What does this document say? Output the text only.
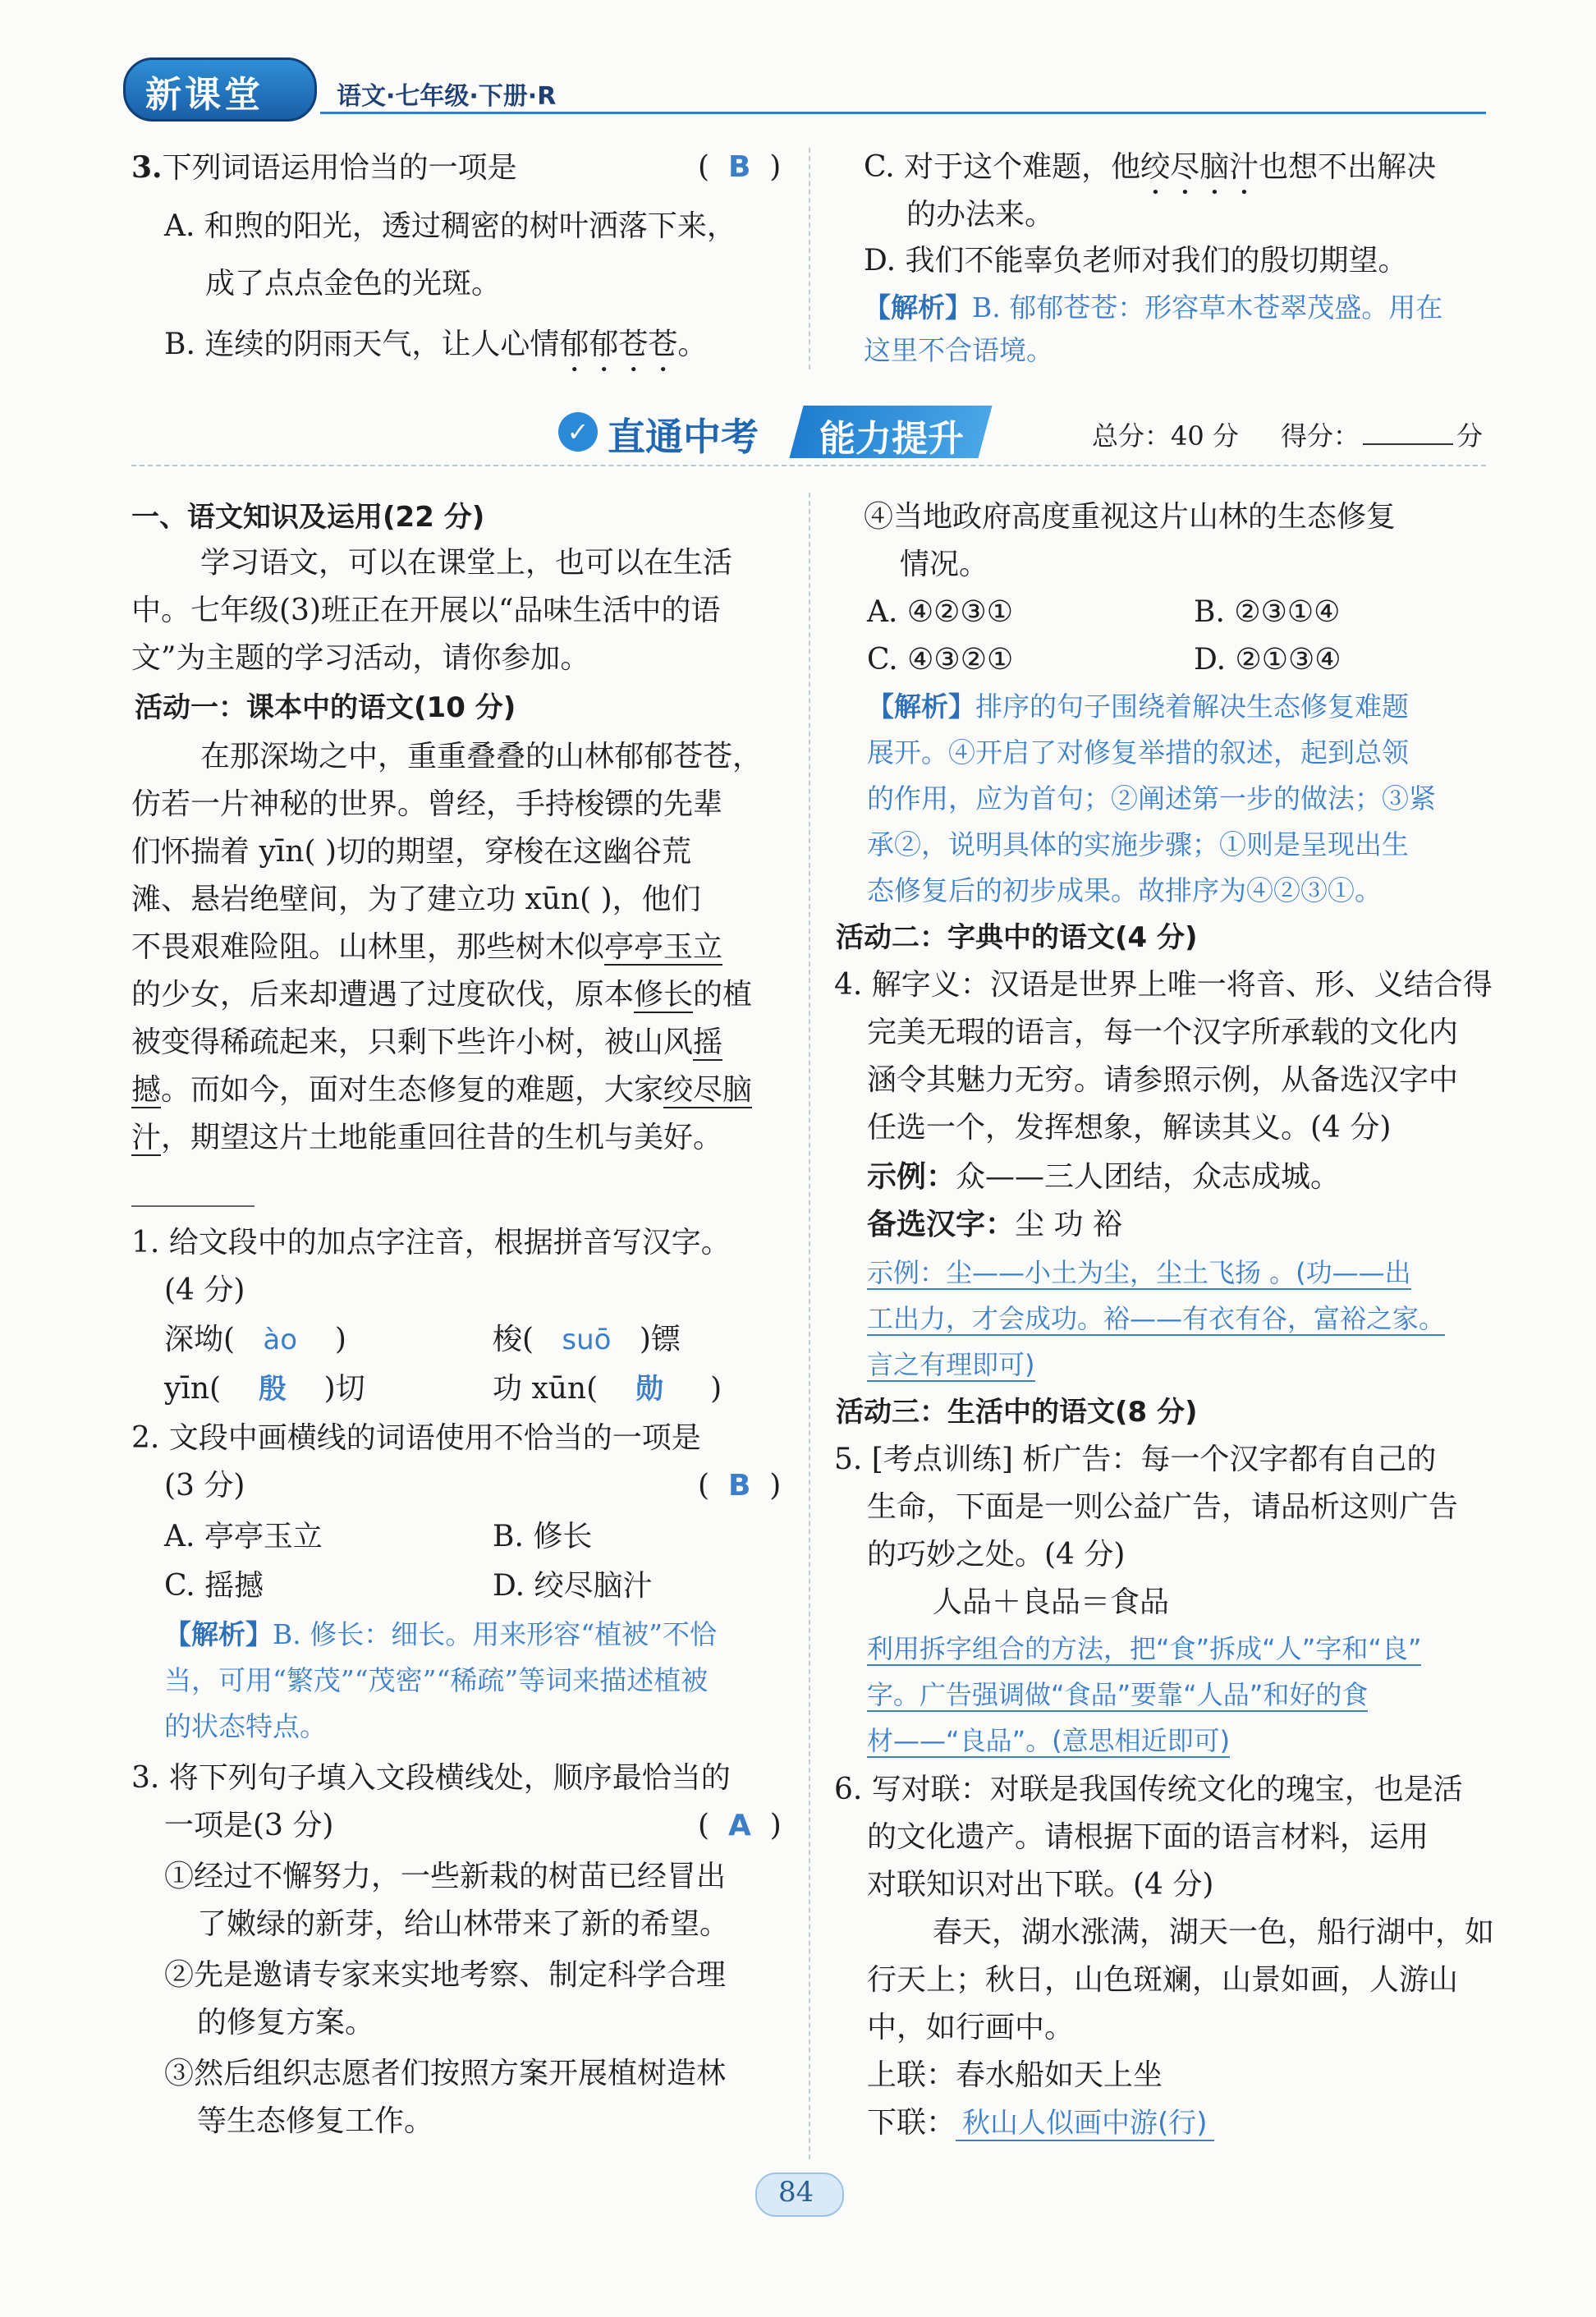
新课堂	语文·七年级·下册·R
3.下列词语运用恰当的一项是	(  B  )
A. 和煦的阳光，透过稠密的树叶洒落下来，
成了点点金色的光斑。
B. 连续的阴雨天气，让人心情郁郁苍苍。
C. 对于这个难题，他绞尽脑汁也想不出解决
的办法来。
D. 我们不能辜负老师对我们的殷切期望。
【解析】B. 郁郁苍苍：形容草木苍翠茂盛。用在
这里不合语境。
✓ 直通中考 能力提升	总分：40 分 得分：	分
一、语文知识及运用(22 分)
学习语文，可以在课堂上，也可以在生活
中。七年级(3)班正在开展以“品味生活中的语
文”为主题的学习活动，请你参加。
活动一：课本中的语文(10 分)
在那深坳之中，重重叠叠的山林郁郁苍苍，
仿若一片神秘的世界。曾经，手持梭镖的先辈
们怀揣着 yīn( )切的期望，穿梭在这幽谷荒
滩、悬岩绝壁间，为了建立功 xūn( )，他们
不畏艰难险阻。山林里，那些树木似亭亭玉立
的少女，后来却遭遇了过度砍伐，原本修长的植
被变得稀疏起来，只剩下些许小树，被山风摇
撼。而如今，面对生态修复的难题，大家绞尽脑
汁，期望这片土地能重回往昔的生机与美好。
1. 给文段中的加点字注音，根据拼音写汉字。
(4 分)
深坳( ào )	梭( suō )镖
yīn( 殷 )切	功 xūn( 勋 )
2. 文段中画横线的词语使用不恰当的一项是
(3 分)	(  B  )
A. 亭亭玉立	B. 修长
C. 摇撼	D. 绞尽脑汁
【解析】B. 修长：细长。用来形容“植被”不恰
当，可用“繁茂”“茂密”“稀疏”等词来描述植被
的状态特点。
3. 将下列句子填入文段横线处，顺序最恰当的
一项是(3 分)	(  A  )
①经过不懈努力，一些新栽的树苗已经冒出
了嫩绿的新芽，给山林带来了新的希望。
②先是邀请专家来实地考察、制定科学合理
的修复方案。
③然后组织志愿者们按照方案开展植树造林
等生态修复工作。
④当地政府高度重视这片山林的生态修复
情况。
A. ④②③①	B. ②③①④
C. ④③②①	D. ②①③④
【解析】排序的句子围绕着解决生态修复难题
展开。④开启了对修复举措的叙述，起到总领
的作用，应为首句；②阐述第一步的做法；③紧
承②，说明具体的实施步骤；①则是呈现出生
态修复后的初步成果。故排序为④②③①。
活动二：字典中的语文(4 分)
4. 解字义：汉语是世界上唯一将音、形、义结合得
完美无瑕的语言，每一个汉字所承载的文化内
涵令其魅力无穷。请参照示例，从备选汉字中
任选一个，发挥想象，解读其义。(4 分)
示例：众——三人团结，众志成城。
备选汉字：尘 功 裕
示例：尘——小土为尘，尘土飞扬 。(功——出
工出力，才会成功。裕——有衣有谷，富裕之家。
言之有理即可)
活动三：生活中的语文(8 分)
5. [考点训练] 析广告：每一个汉字都有自己的
生命，下面是一则公益广告，请品析这则广告
的巧妙之处。(4 分)
人品＋良品＝食品
利用拆字组合的方法，把“食”拆成“人”字和“良”
字。广告强调做“食品”要靠“人品”和好的食
材——“良品”。(意思相近即可)
6. 写对联：对联是我国传统文化的瑰宝，也是活
的文化遗产。请根据下面的语言材料，运用
对联知识对出下联。(4 分)
春天，湖水涨满，湖天一色，船行湖中，如
行天上；秋日，山色斑斓，山景如画，人游山
中，如行画中。
上联：春水船如天上坐
下联： 秋山人似画中游(行)
84
